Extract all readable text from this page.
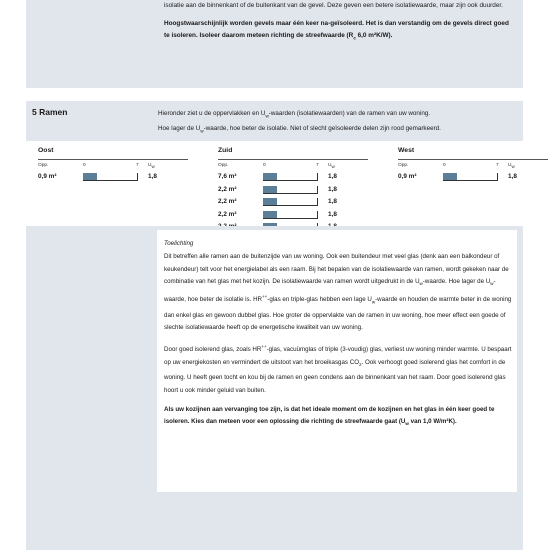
isolatie aan de binnenkant of de buitenkant van de gevel. Deze geven een betere isolatiewaarde, maar zijn ook duurder.

Hoogstwaarschijnlijk worden gevels maar één keer na-geïsoleerd. Het is dan verstandig om de gevels direct goed te isoleren. Isoleer daarom meteen richting de streefwaarde ($R_c$ 6,0 m²K/W).

5 Ramen	Hieronder ziet u de oppervlakken en $U_w$-waarden (isolatiewaarden) van de ramen van uw woning.
Hoe lager de $U_w$-waarde, hoe beter de isolatie. Niet of slecht geïsoleerde delen zijn rood gemarkeerd.
Oost
Opp.	0	7 $U_w$
0,9 m²	1,8
Zuid
Opp.	0	7 $U_w$
7,6 m²	1,8
2,2 m²	1,8
2,2 m²	1,8
2,2 m²	1,8
West
Opp.	0	7 $U_w$
0,9 m²	1,8
Toelichting

Dit betreffen alle ramen aan de buitenzijde van uw woning. Ook een buitendeur met veel glas (denk aan een balkondeur of keukendeur) telt voor het energielabel als een raam. Bij het bepalen van de isolatiewaarde van ramen, wordt gekeken naar de combinatie van het glas met het kozijn. De isolatiewaarde van ramen wordt uitgedrukt in de $U_w$-waarde. Hoe lager de $U_w$-waarde, hoe beter de isolatie is. HR++-glas en triple-glas hebben een lage $U_w$-waarde en houden de warmte beter in de woning dan enkel glas en gewoon dubbel glas. Hoe groter de oppervlakte van de ramen in uw woning, hoe meer effect een goede of slechte isolatiewaarde heeft op de energetische kwaliteit van uw woning.

Door goed isolerend glas, zoals HR++-glas, vacuümglas of triple (3-voudig) glas, verliest uw woning minder warmte. U bespaart op uw energiekosten en vermindert de uitstoot van het broeikasgas $CO_2$. Ook verhoogt goed isolerend glas het comfort in de woning. U heeft geen tocht en kou bij de ramen en geen condens aan de binnenkant van het raam. Door goed isolerend glas hoort u ook minder geluid van buiten.

Als uw kozijnen aan vervanging toe zijn, is dat het ideale moment om de kozijnen en het glas in één keer goed te isoleren. Kies dan meteen voor een oplossing die richting de streefwaarde gaat ($U_w$ van 1,0 W/m²K).
